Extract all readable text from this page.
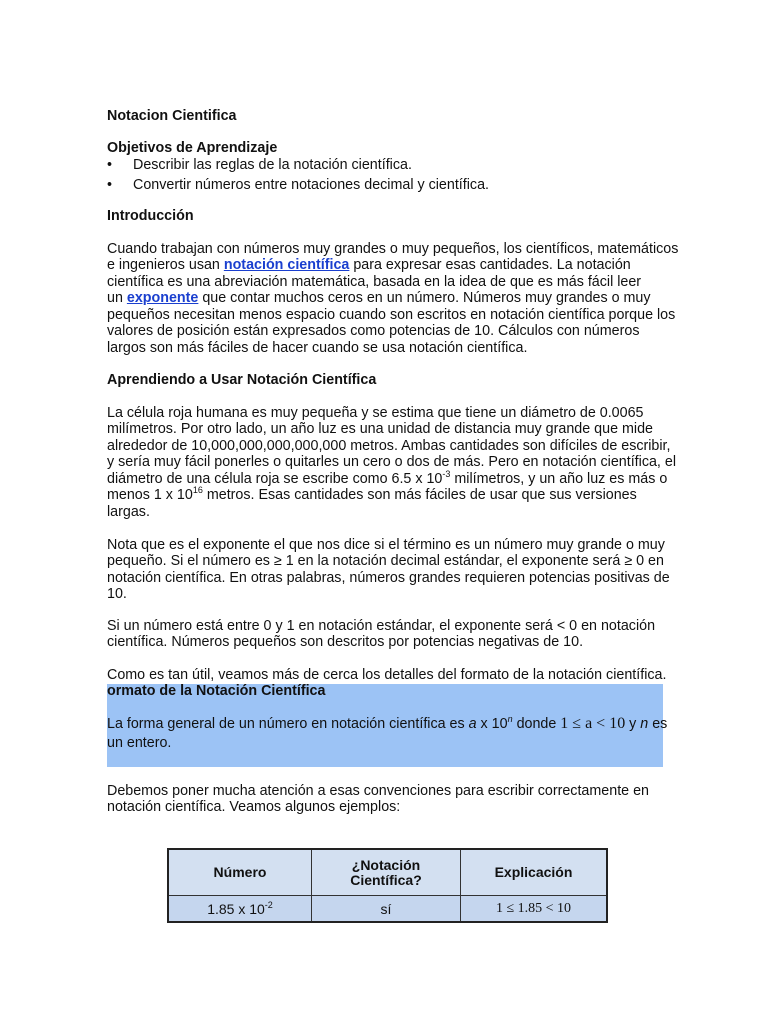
Notacion Cientifica
Objetivos de Aprendizaje
• Describir las reglas de la notación científica.
• Convertir números entre notaciones decimal y científica.
Introducción
Cuando trabajan con números muy grandes o muy pequeños, los científicos, matemáticos
e ingenieros usan notación científica para expresar esas cantidades. La notación
científica es una abreviación matemática, basada en la idea de que es más fácil leer
un exponente que contar muchos ceros en un número. Números muy grandes o muy
pequeños necesitan menos espacio cuando son escritos en notación científica porque los
valores de posición están expresados como potencias de 10. Cálculos con números
largos son más fáciles de hacer cuando se usa notación científica.
Aprendiendo a Usar Notación Científica
La célula roja humana es muy pequeña y se estima que tiene un diámetro de 0.0065
milímetros. Por otro lado, un año luz es una unidad de distancia muy grande que mide
alrededor de 10,000,000,000,000,000 metros. Ambas cantidades son difíciles de escribir,
y sería muy fácil ponerles o quitarles un cero o dos de más. Pero en notación científica, el
diámetro de una célula roja se escribe como 6.5 x $10^{-3}$ milímetros, y un año luz es más o
menos 1 x $10^{16}$ metros. Esas cantidades son más fáciles de usar que sus versiones
largas.
Nota que es el exponente el que nos dice si el término es un número muy grande o muy
pequeño. Si el número es ≥ 1 en la notación decimal estándar, el exponente será ≥ 0 en
notación científica. En otras palabras, números grandes requieren potencias positivas de
10.
Si un número está entre 0 y 1 en notación estándar, el exponente será < 0 en notación
científica. Números pequeños son descritos por potencias negativas de 10.
Como es tan útil, veamos más de cerca los detalles del formato de la notación científica.
ormato de la Notación Científica
La forma general de un número en notación científica es a x 10$^n$ donde 1 ≤ a < 10 y n es
un entero.
Debemos poner mucha atención a esas convenciones para escribir correctamente en
notación científica. Veamos algunos ejemplos:
Número	¿Notación Científica?	Explicación
1.85 x $10^{-2}$	sí	1 ≤ 1.85 < 10
